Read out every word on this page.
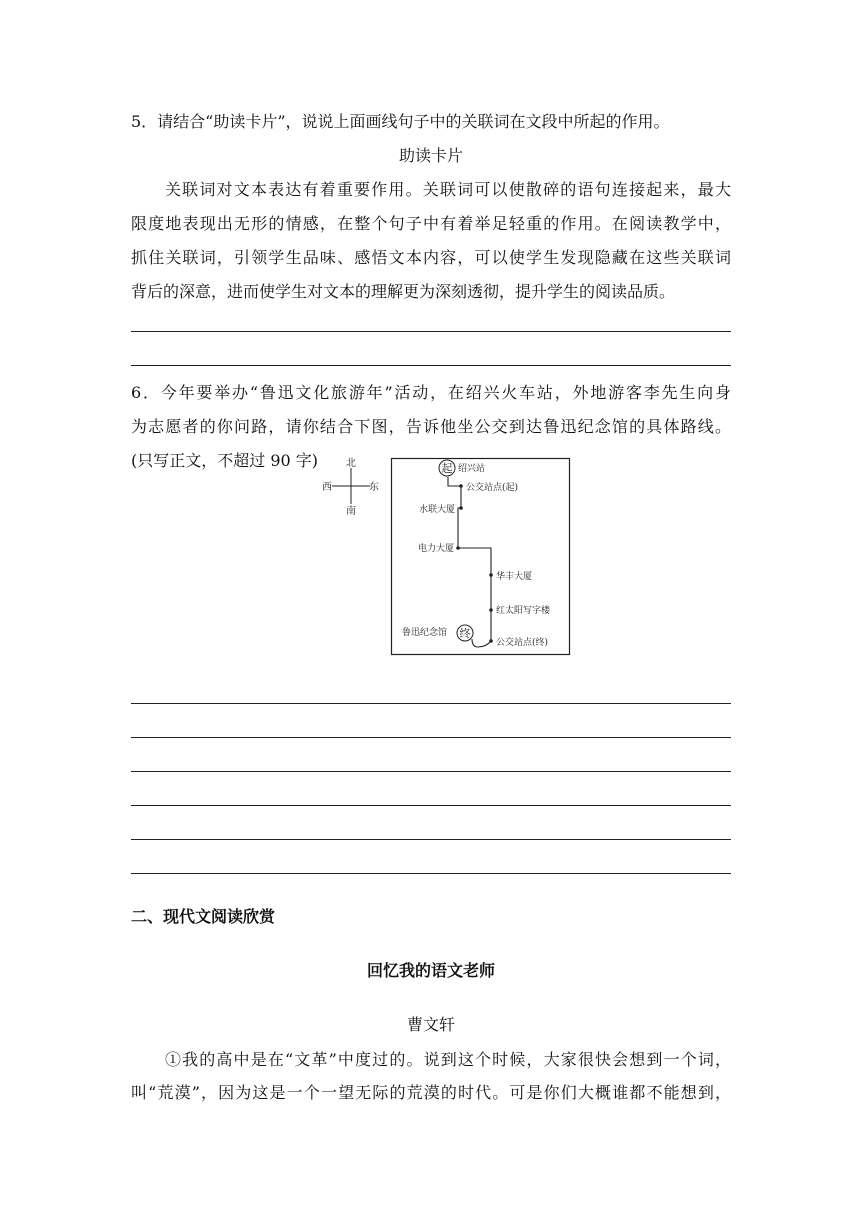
5．请结合“助读卡片”，说说上面画线句子中的关联词在文段中所起的作用。
助读卡片
关联词对文本表达有着重要作用。关联词可以使散碎的语句连接起来，最大
限度地表现出无形的情感，在整个句子中有着举足轻重的作用。在阅读教学中，
抓住关联词，引领学生品味、感悟文本内容，可以使学生发现隐藏在这些关联词
背后的深意，进而使学生对文本的理解更为深刻透彻，提升学生的阅读品质。
6．今年要举办“鲁迅文化旅游年”活动，在绍兴火车站，外地游客李先生向身
为志愿者的你问路，请你结合下图，告诉他坐公交到达鲁迅纪念馆的具体路线。
(只写正文，不超过 90 字)	北
南
西	东
起
终
绍兴站
公交站点(起)
水联大厦
电力大厦
华丰大厦
红太阳写字楼
鲁迅纪念馆
公交站点(终)
二、现代文阅读欣赏
回忆我的语文老师
曹文轩
①我的高中是在“文革”中度过的。说到这个时候，大家很快会想到一个词，
叫“荒漠”，因为这是一个一望无际的荒漠的时代。可是你们大概谁都不能想到，
